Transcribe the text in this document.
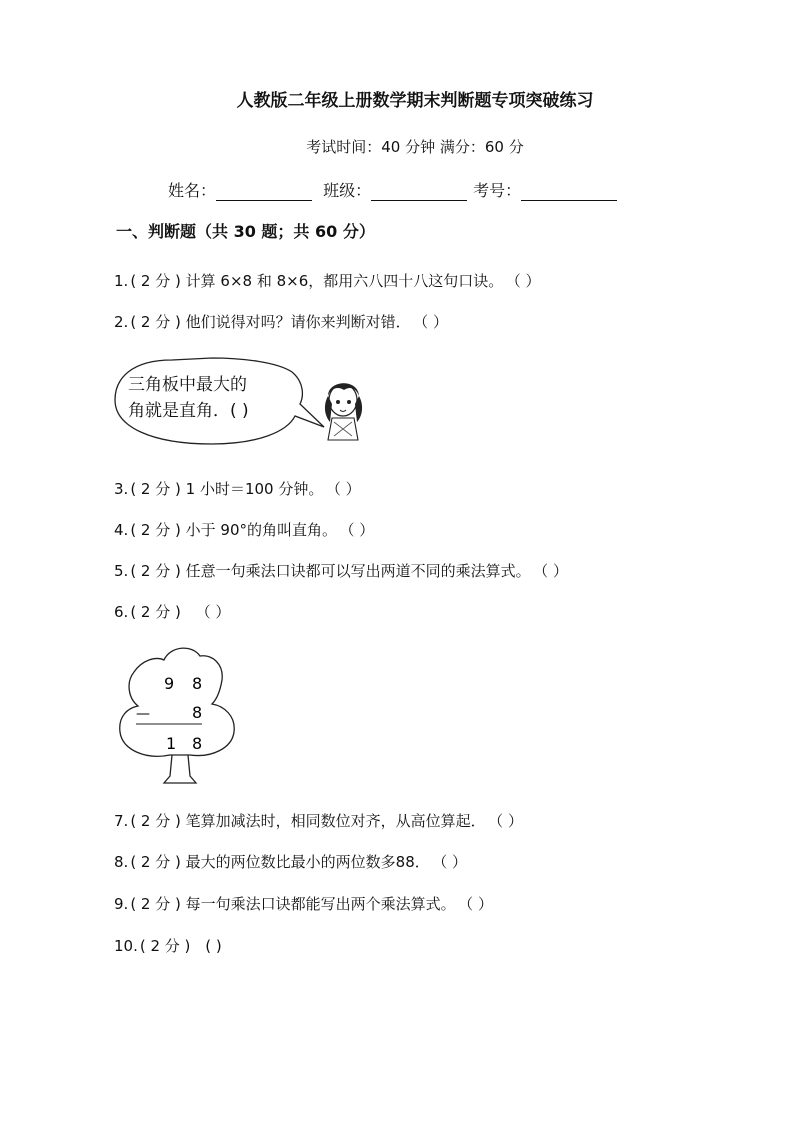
人教版二年级上册数学期末判断题专项突破练习
考试时间：40 分钟 满分：60 分
姓名：	班级：	考号：
一、判断题（共 30 题；共 60 分）
1. ( 2 分 ) 计算 6×8 和 8×6，都用六八四十八这句口诀。 （ ）
2. ( 2 分 ) 他们说得对吗？请你来判断对错． （ ）
三角板中最大的
角就是直角．( )
3. ( 2 分 ) 1 小时＝100 分钟。 （ ）
4. ( 2 分 ) 小于 90°的角叫直角。 （ ）
5. ( 2 分 ) 任意一句乘法口诀都可以写出两道不同的乘法算式。 （ ）
6. ( 2 分 ) （ ）
9 8
—	8
1 8
7. ( 2 分 ) 笔算加减法时，相同数位对齐，从高位算起． （ ）
8. ( 2 分 ) 最大的两位数比最小的两位数多88． （ ）
9. ( 2 分 ) 每一句乘法口诀都能写出两个乘法算式。 （ ）
10. ( 2 分 ) ( )
